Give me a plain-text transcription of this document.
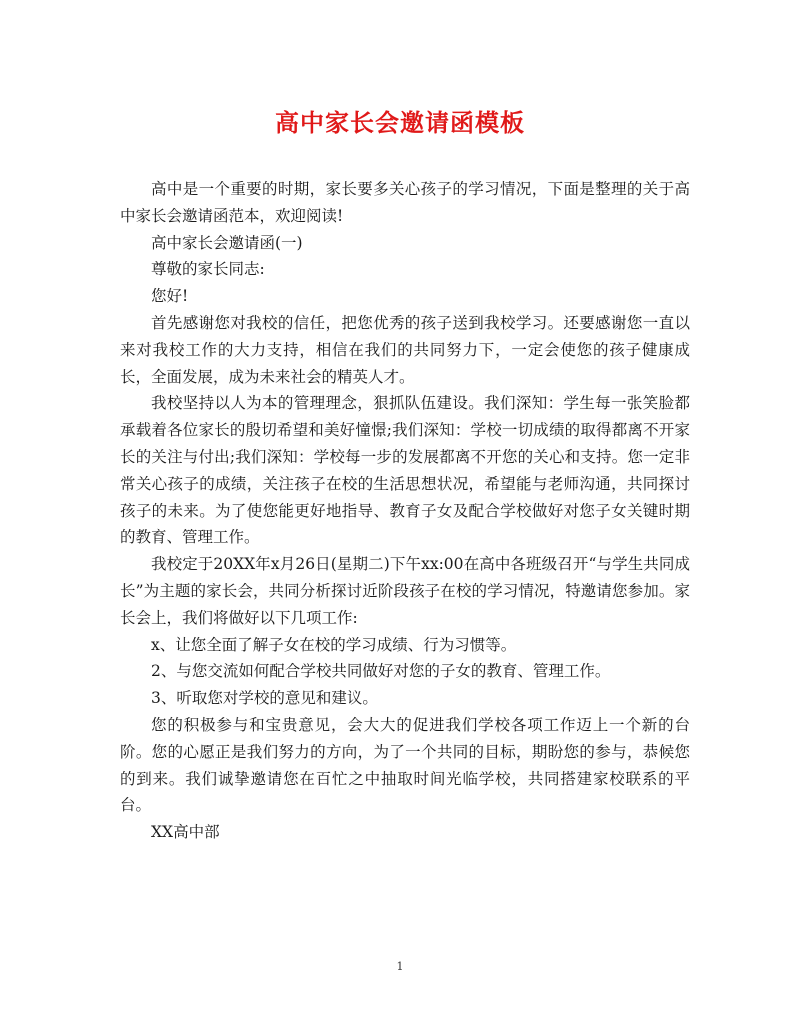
高中家长会邀请函模板

高中是一个重要的时期，家长要多关心孩子的学习情况，下面是整理的关于高中家长会邀请函范本，欢迎阅读!

高中家长会邀请函(一)

尊敬的家长同志:

您好!

首先感谢您对我校的信任，把您优秀的孩子送到我校学习。还要感谢您一直以来对我校工作的大力支持，相信在我们的共同努力下，一定会使您的孩子健康成长，全面发展，成为未来社会的精英人才。

我校坚持以人为本的管理理念，狠抓队伍建设。我们深知：学生每一张笑脸都承载着各位家长的殷切希望和美好憧憬;我们深知：学校一切成绩的取得都离不开家长的关注与付出;我们深知：学校每一步的发展都离不开您的关心和支持。您一定非常关心孩子的成绩，关注孩子在校的生活思想状况，希望能与老师沟通，共同探讨孩子的未来。为了使您能更好地指导、教育子女及配合学校做好对您子女关键时期的教育、管理工作。

我校定于20XX年x月26日(星期二)下午xx:00在高中各班级召开“与学生共同成长”为主题的家长会，共同分析探讨近阶段孩子在校的学习情况，特邀请您参加。家长会上，我们将做好以下几项工作:

x、让您全面了解子女在校的学习成绩、行为习惯等。

2、与您交流如何配合学校共同做好对您的子女的教育、管理工作。

3、听取您对学校的意见和建议。

您的积极参与和宝贵意见，会大大的促进我们学校各项工作迈上一个新的台阶。您的心愿正是我们努力的方向，为了一个共同的目标，期盼您的参与，恭候您的到来。我们诚挚邀请您在百忙之中抽取时间光临学校，共同搭建家校联系的平台。

XX高中部

1
